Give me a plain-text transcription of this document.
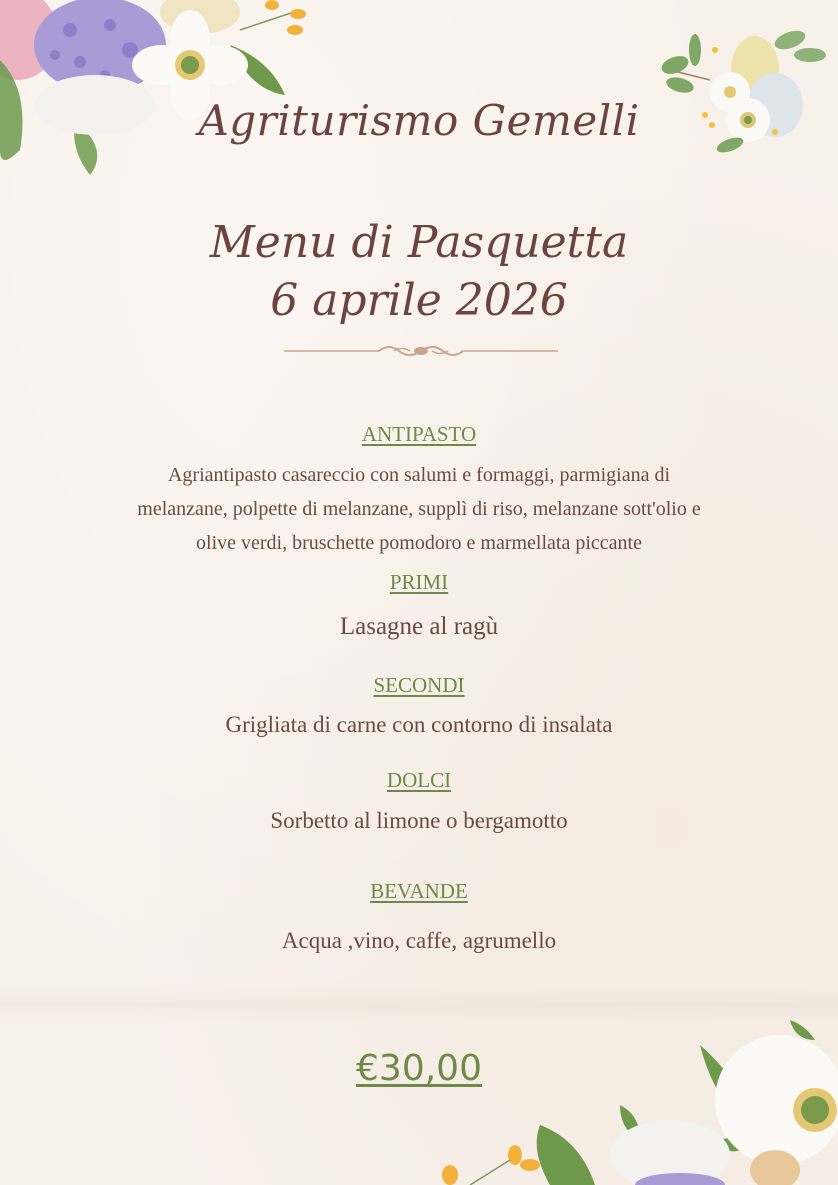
Agriturismo Gemelli
Menu di Pasquetta
6 aprile 2026
ANTIPASTO
Agriantipasto casareccio con salumi e formaggi, parmigiana di
melanzane, polpette di melanzane, supplì di riso, melanzane sott'olio e
olive verdi, bruschette pomodoro e marmellata piccante
PRIMI
Lasagne al ragù
SECONDI
Grigliata di carne con contorno di insalata
DOLCI
Sorbetto al limone o bergamotto
BEVANDE
Acqua ,vino, caffe, agrumello
€30,00
